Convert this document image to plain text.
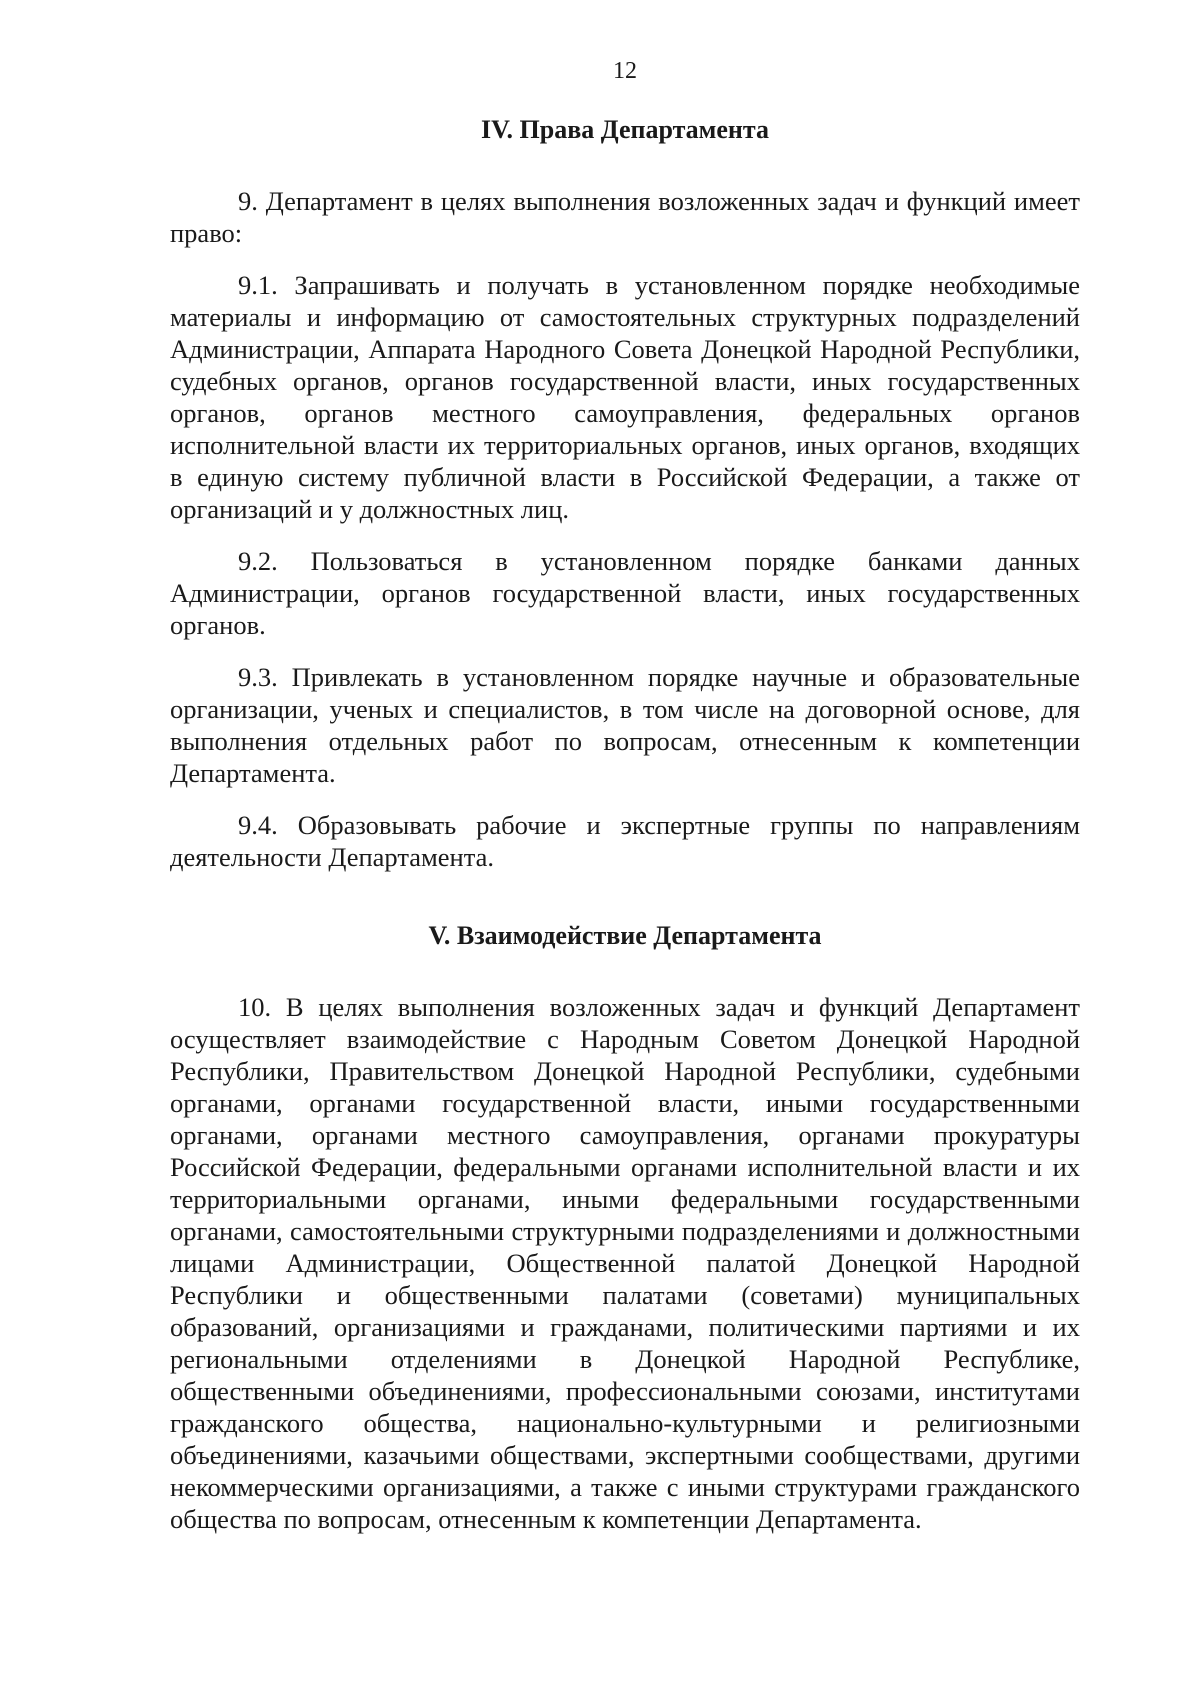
12
IV. Права Департамента

9. Департамент в целях выполнения возложенных задач и функций имеет право:

9.1. Запрашивать и получать в установленном порядке необходимые материалы и информацию от самостоятельных структурных подразделений Администрации, Аппарата Народного Совета Донецкой Народной Республики, судебных органов, органов государственной власти, иных государственных органов, органов местного самоуправления, федеральных органов исполнительной власти их территориальных органов, иных органов, входящих в единую систему публичной власти в Российской Федерации, а также от организаций и у должностных лиц.

9.2. Пользоваться в установленном порядке банками данных Администрации, органов государственной власти, иных государственных органов.

9.3. Привлекать в установленном порядке научные и образовательные организации, ученых и специалистов, в том числе на договорной основе, для выполнения отдельных работ по вопросам, отнесенным к компетенции Департамента.

9.4. Образовывать рабочие и экспертные группы по направлениям деятельности Департамента.

V. Взаимодействие Департамента

10. В целях выполнения возложенных задач и функций Департамент осуществляет взаимодействие с Народным Советом Донецкой Народной Республики, Правительством Донецкой Народной Республики, судебными органами, органами государственной власти, иными государственными органами, органами местного самоуправления, органами прокуратуры Российской Федерации, федеральными органами исполнительной власти и их территориальными органами, иными федеральными государственными органами, самостоятельными структурными подразделениями и должностными лицами Администрации, Общественной палатой Донецкой Народной Республики и общественными палатами (советами) муниципальных образований, организациями и гражданами, политическими партиями и их региональными отделениями в Донецкой Народной Республике, общественными объединениями, профессиональными союзами, институтами гражданского общества, национально-культурными и религиозными объединениями, казачьими обществами, экспертными сообществами, другими некоммерческими организациями, а также с иными структурами гражданского общества по вопросам, отнесенным к компетенции Департамента.
